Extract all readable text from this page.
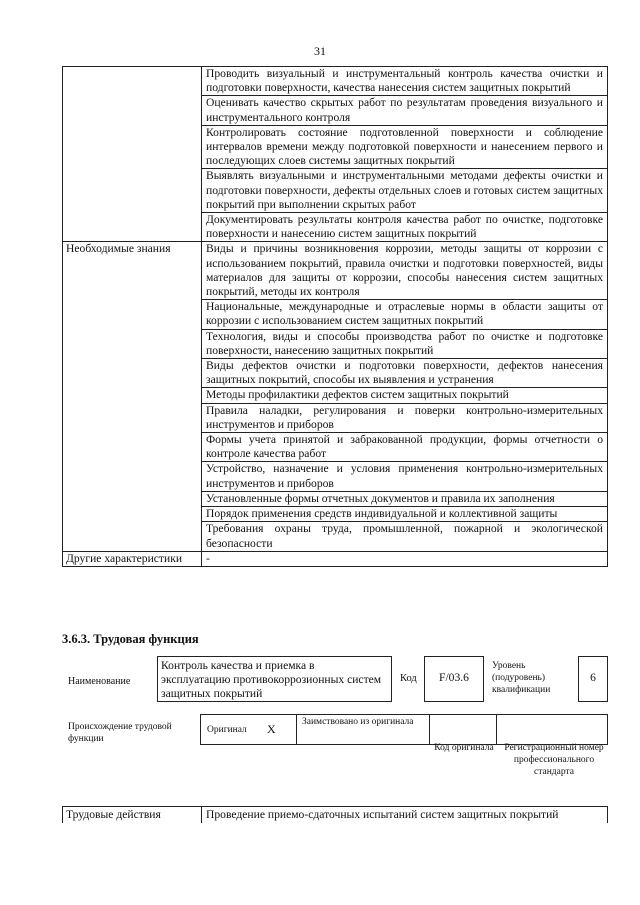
31
	Проводить визуальный и инструментальный контроль качества очистки и подготовки поверхности, качества нанесения систем защитных покрытий
	Оценивать качество скрытых работ по результатам проведения визуального и инструментального контроля
	Контролировать состояние подготовленной поверхности и соблюдение интервалов времени между подготовкой поверхности и нанесением первого и последующих слоев системы защитных покрытий
	Выявлять визуальными и инструментальными методами дефекты очистки и подготовки поверхности, дефекты отдельных слоев и готовых систем защитных покрытий при выполнении скрытых работ
	Документировать результаты контроля качества работ по очистке, подготовке поверхности и нанесению систем защитных покрытий
Необходимые знания	Виды и причины возникновения коррозии, методы защиты от коррозии с использованием покрытий, правила очистки и подготовки поверхностей, виды материалов для защиты от коррозии, способы нанесения систем защитных покрытий, методы их контроля
	Национальные, международные и отраслевые нормы в области защиты от коррозии с использованием систем защитных покрытий
	Технология, виды и способы производства работ по очистке и подготовке поверхности, нанесению защитных покрытий
	Виды дефектов очистки и подготовки поверхности, дефектов нанесения защитных покрытий, способы их выявления и устранения
	Методы профилактики дефектов систем защитных покрытий
	Правила наладки, регулирования и поверки контрольно-измерительных инструментов и приборов
	Формы учета принятой и забракованной продукции, формы отчетности о контроле качества работ
	Устройство, назначение и условия применения контрольно-измерительных инструментов и приборов
	Установленные формы отчетных документов и правила их заполнения
	Порядок применения средств индивидуальной и коллективной защиты
	Требования охраны труда, промышленной, пожарной и экологической безопасности
Другие характеристики	-
3.6.3. Трудовая функция
Наименование
Контроль качества и приемка в эксплуатацию противокоррозионных систем защитных покрытий
Код	F/03.6
Уровень (подуровень) квалификации
6
Происхождение трудовой функции
Оригинал X	Заимствовано из оригинала
Код оригинала	Регистрационный номер профессионального стандарта
Трудовые действия	Проведение приемо-сдаточных испытаний систем защитных покрытий
